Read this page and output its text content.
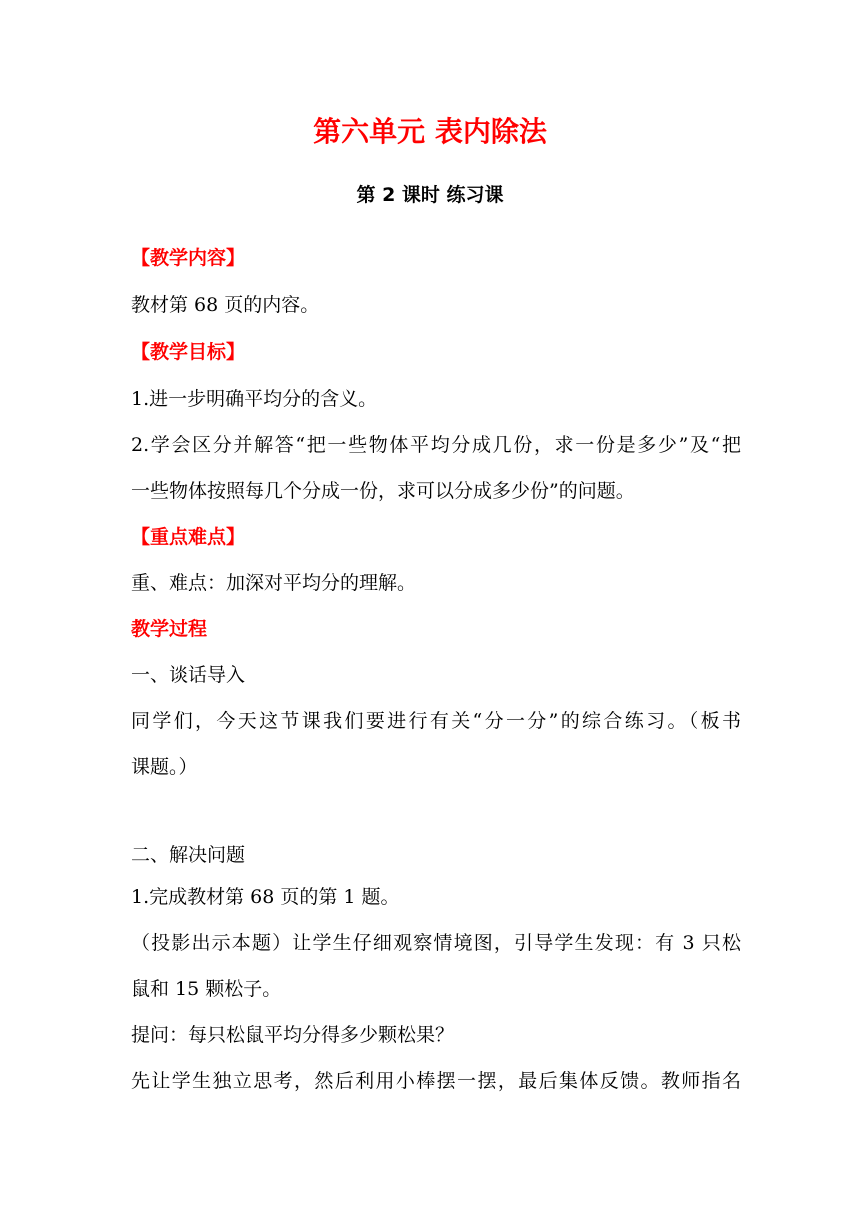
第六单元 表内除法
第 2 课时 练习课
【教学内容】
教材第 68 页的内容。
【教学目标】
1.进一步明确平均分的含义。
2.学会区分并解答“把一些物体平均分成几份，求一份是多少”及“把
一些物体按照每几个分成一份，求可以分成多少份”的问题。
【重点难点】
重、难点：加深对平均分的理解。
教学过程
一、谈话导入
同学们，今天这节课我们要进行有关“分一分”的综合练习。（板书
课题。）
二、解决问题
1.完成教材第 68 页的第 1 题。
（投影出示本题）让学生仔细观察情境图，引导学生发现：有 3 只松
鼠和 15 颗松子。
提问：每只松鼠平均分得多少颗松果？
先让学生独立思考，然后利用小棒摆一摆，最后集体反馈。教师指名
